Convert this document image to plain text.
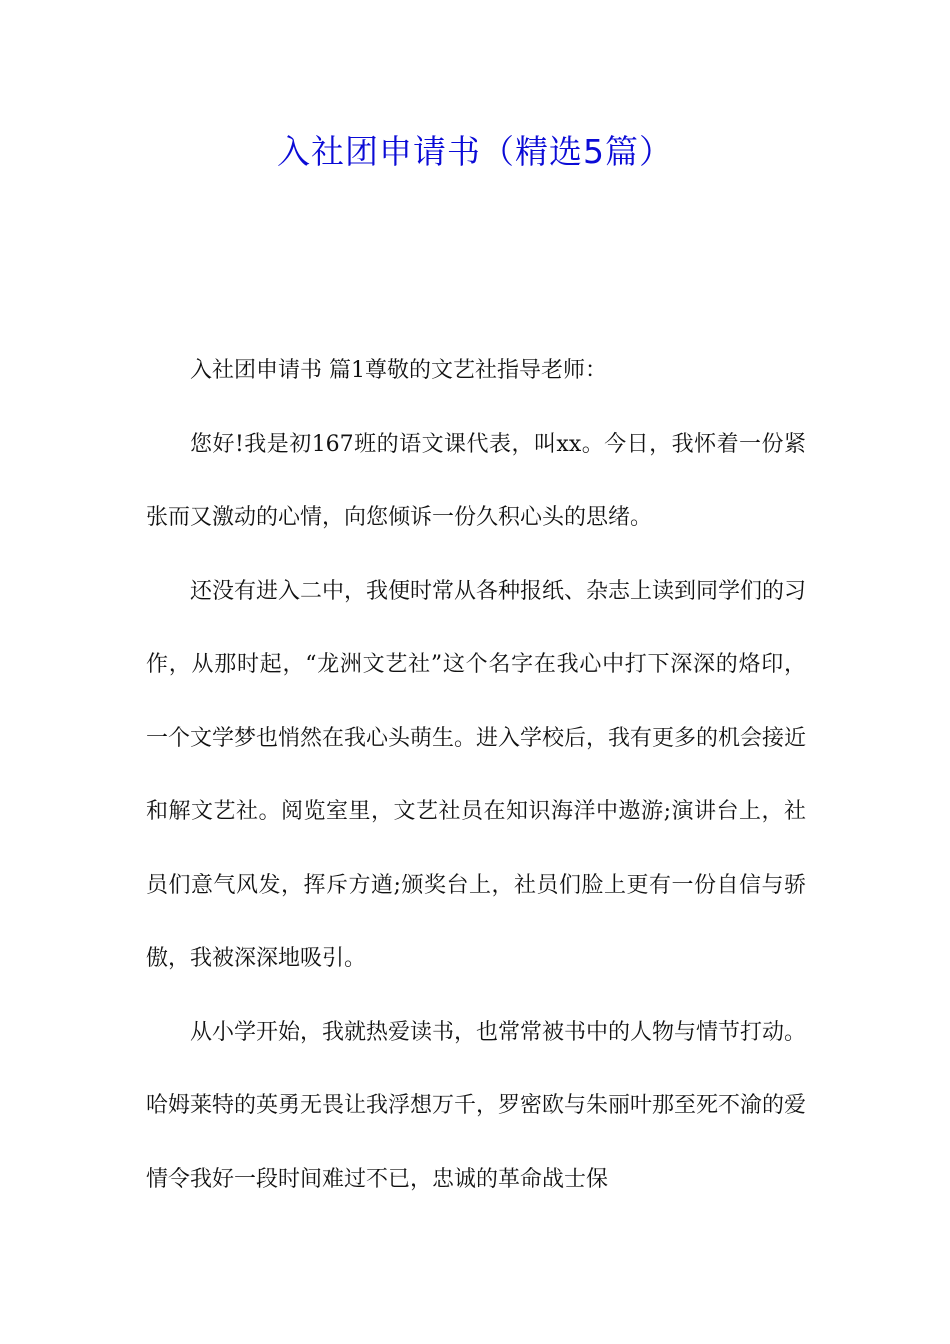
入社团申请书（精选5篇）

入社团申请书 篇1尊敬的文艺社指导老师：

您好!我是初167班的语文课代表，叫xx。今日，我怀着一份紧张而又激动的心情，向您倾诉一份久积心头的思绪。

还没有进入二中，我便时常从各种报纸、杂志上读到同学们的习作，从那时起，“龙洲文艺社”这个名字在我心中打下深深的烙印，一个文学梦也悄然在我心头萌生。进入学校后，我有更多的机会接近和解文艺社。阅览室里，文艺社员在知识海洋中遨游;演讲台上，社员们意气风发，挥斥方遒;颁奖台上，社员们脸上更有一份自信与骄傲，我被深深地吸引。

从小学开始，我就热爱读书，也常常被书中的人物与情节打动。哈姆莱特的英勇无畏让我浮想万千，罗密欧与朱丽叶那至死不渝的爱情令我好一段时间难过不已，忠诚的革命战士保
